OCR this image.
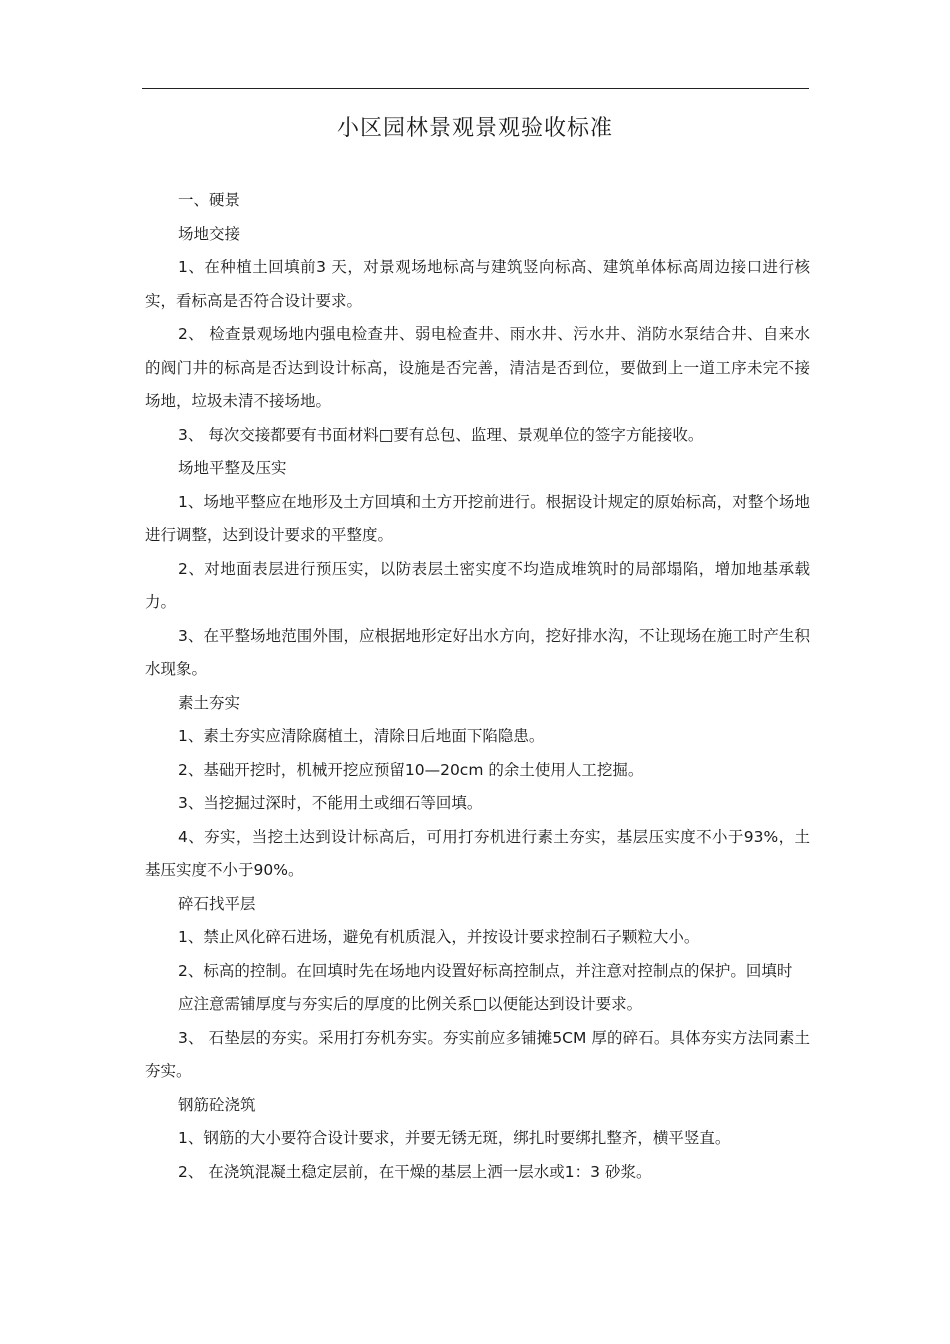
小区园林景观景观验收标准

一、硬景

场地交接

1、在种植土回填前3 天，对景观场地标高与建筑竖向标高、建筑单体标高周边接口进行核实，看标高是否符合设计要求。

2、 检查景观场地内强电检查井、弱电检查井、雨水井、污水井、消防水泵结合井、自来水的阀门井的标高是否达到设计标高，设施是否完善，清洁是否到位，要做到上一道工序未完不接场地，垃圾未清不接场地。

3、 每次交接都要有书面材料□要有总包、监理、景观单位的签字方能接收。

场地平整及压实

1、场地平整应在地形及土方回填和土方开挖前进行。根据设计规定的原始标高，对整个场地进行调整，达到设计要求的平整度。

2、对地面表层进行预压实，以防表层土密实度不均造成堆筑时的局部塌陷，增加地基承载力。

3、在平整场地范围外围，应根据地形定好出水方向，挖好排水沟，不让现场在施工时产生积水现象。

素土夯实

1、素土夯实应清除腐植土，清除日后地面下陷隐患。

2、基础开挖时，机械开挖应预留10—20cm 的余土使用人工挖掘。

3、当挖掘过深时，不能用土或细石等回填。

4、夯实，当挖土达到设计标高后，可用打夯机进行素土夯实，基层压实度不小于93%，土基压实度不小于90%。

碎石找平层

1、禁止风化碎石进场，避免有机质混入，并按设计要求控制石子颗粒大小。

2、标高的控制。在回填时先在场地内设置好标高控制点，并注意对控制点的保护。回填时

应注意需铺厚度与夯实后的厚度的比例关系□以便能达到设计要求。

3、 石垫层的夯实。采用打夯机夯实。夯实前应多铺摊5CM 厚的碎石。具体夯实方法同素土夯实。

钢筋砼浇筑

1、钢筋的大小要符合设计要求，并要无锈无斑，绑扎时要绑扎整齐，横平竖直。

2、 在浇筑混凝土稳定层前，在干燥的基层上洒一层水或1：3 砂浆。
